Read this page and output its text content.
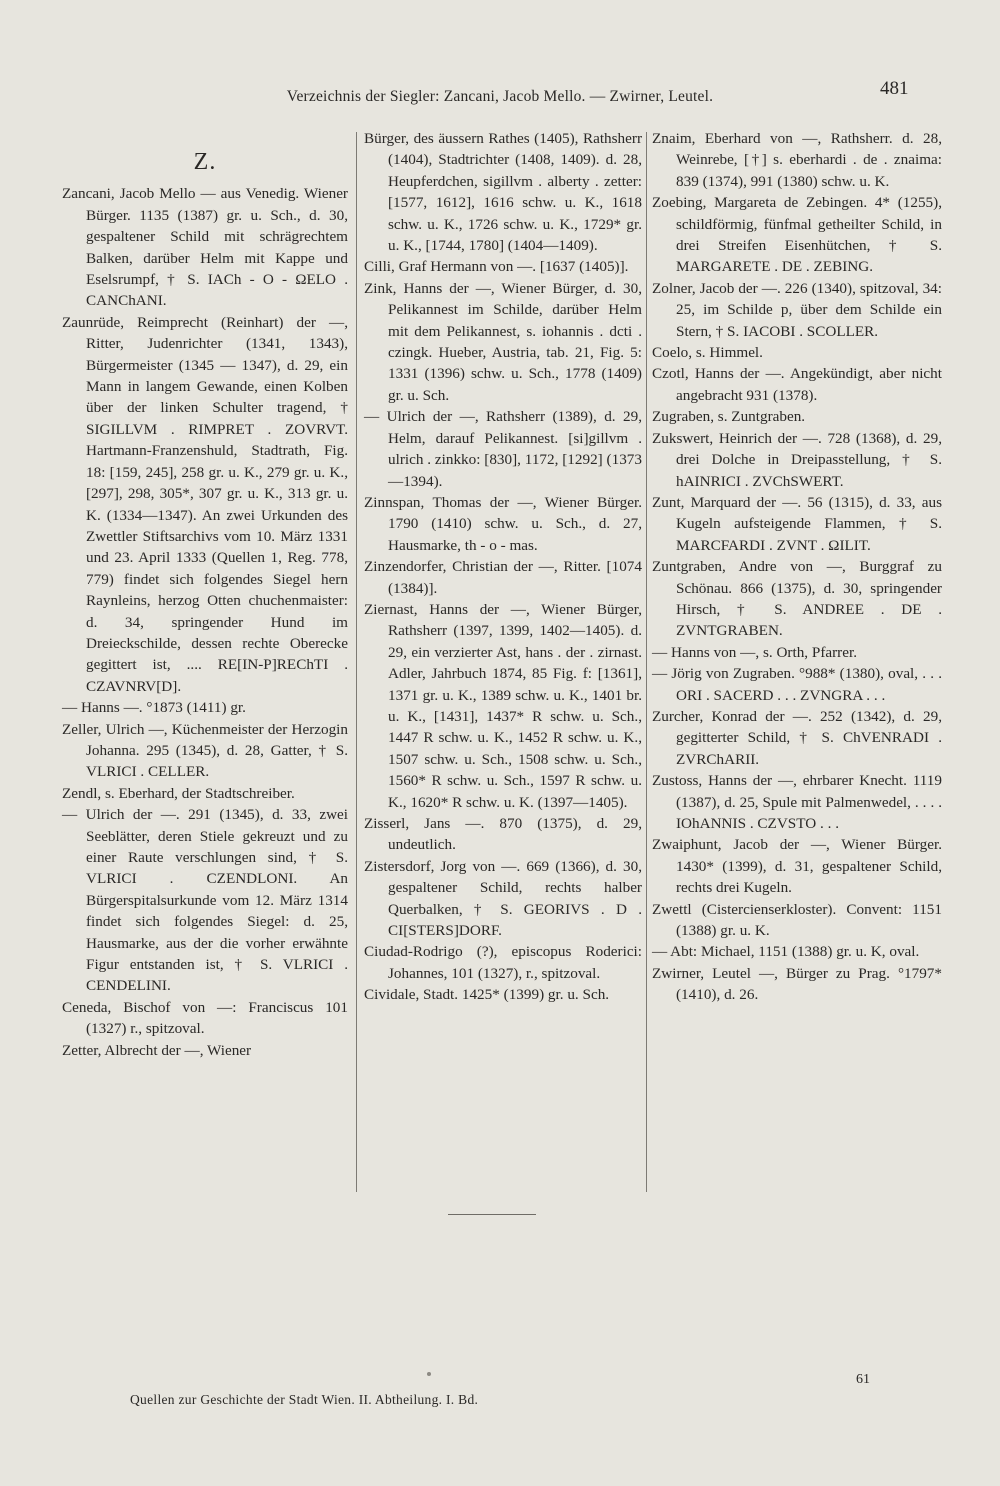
Verzeichnis der Siegler: Zancani, Jacob Mello. — Zwirner, Leutel.	481
Z.

Zancani, Jacob Mello — aus Venedig. Wiener Bürger. 1135 (1387) gr. u. Sch., d. 30, gespaltener Schild mit schrägrechtem Balken, darüber Helm mit Kappe und Eselsrumpf, † S. IACh - O - ΩELO . CANChANI.

Zaunrüde, Reimprecht (Reinhart) der —, Ritter, Judenrichter (1341, 1343), Bürgermeister (1345 — 1347), d. 29, ein Mann in langem Gewande, einen Kolben über der linken Schulter tragend, † SIGILLVM . RIMPRET . ZOVRVT. Hartmann-Franzenshuld, Stadtrath, Fig. 18: [159, 245], 258 gr. u. K., 279 gr. u. K., [297], 298, 305*, 307 gr. u. K., 313 gr. u. K. (1334—1347). An zwei Urkunden des Zwettler Stiftsarchivs vom 10. März 1331 und 23. April 1333 (Quellen 1, Reg. 778, 779) findet sich folgendes Siegel hern Raynleins, herzog Otten chuchenmaister: d. 34, springender Hund im Dreieckschilde, dessen rechte Oberecke gegittert ist, .... RE[IN-P]REChTI . CZAVNRV[D].

— Hanns —. °1873 (1411) gr.

Zeller, Ulrich —, Küchenmeister der Herzogin Johanna. 295 (1345), d. 28, Gatter, † S. VLRICI . CELLER.

Zendl, s. Eberhard, der Stadtschreiber.

— Ulrich der —. 291 (1345), d. 33, zwei Seeblätter, deren Stiele gekreuzt und zu einer Raute verschlungen sind, † S. VLRICI . CZENDLONI. An Bürgerspitalsurkunde vom 12. März 1314 findet sich folgendes Siegel: d. 25, Hausmarke, aus der die vorher erwähnte Figur entstanden ist, † S. VLRICI . CENDELINI.

Ceneda, Bischof von —: Franciscus 101 (1327) r., spitzoval.

Zetter, Albrecht der —, Wiener

Bürger, des äussern Rathes (1405), Rathsherr (1404), Stadtrichter (1408, 1409). d. 28, Heupferdchen, sigillvm . alberty . zetter: [1577, 1612], 1616 schw. u. K., 1618 schw. u. K., 1726 schw. u. K., 1729* gr. u. K., [1744, 1780] (1404—1409).

Cilli, Graf Hermann von —. [1637 (1405)].

Zink, Hanns der —, Wiener Bürger, d. 30, Pelikannest im Schilde, darüber Helm mit dem Pelikannest, s. iohannis . dcti . czingk. Hueber, Austria, tab. 21, Fig. 5: 1331 (1396) schw. u. Sch., 1778 (1409) gr. u. Sch.

— Ulrich der —, Rathsherr (1389), d. 29, Helm, darauf Pelikannest. [si]gillvm . ulrich . zinkko: [830], 1172, [1292] (1373—1394).

Zinnspan, Thomas der —, Wiener Bürger. 1790 (1410) schw. u. Sch., d. 27, Hausmarke, th - o - mas.

Zinzendorfer, Christian der —, Ritter. [1074 (1384)].

Ziernast, Hanns der —, Wiener Bürger, Rathsherr (1397, 1399, 1402—1405). d. 29, ein verzierter Ast, hans . der . zirnast. Adler, Jahrbuch 1874, 85 Fig. f: [1361], 1371 gr. u. K., 1389 schw. u. K., 1401 br. u. K., [1431], 1437* R schw. u. Sch., 1447 R schw. u. K., 1452 R schw. u. K., 1507 schw. u. Sch., 1508 schw. u. Sch., 1560* R schw. u. Sch., 1597 R schw. u. K., 1620* R schw. u. K. (1397—1405).

Zisserl, Jans —. 870 (1375), d. 29, undeutlich.

Zistersdorf, Jorg von —. 669 (1366), d. 30, gespaltener Schild, rechts halber Querbalken, † S. GEORIVS . D . CI[STERS]DORF.

Ciudad-Rodrigo (?), episcopus Roderici: Johannes, 101 (1327), r., spitzoval.

Cividale, Stadt. 1425* (1399) gr. u. Sch.

Znaim, Eberhard von —, Rathsherr. d. 28, Weinrebe, [†] s. eberhardi . de . znaima: 839 (1374), 991 (1380) schw. u. K.

Zoebing, Margareta de Zebingen. 4* (1255), schildförmig, fünfmal getheilter Schild, in drei Streifen Eisenhütchen, † S. MARGARETE . DE . ZEBING.

Zolner, Jacob der —. 226 (1340), spitzoval, 34: 25, im Schilde p, über dem Schilde ein Stern, † S. IACOBI . SCOLLER.

Coelo, s. Himmel.

Czotl, Hanns der —. Angekündigt, aber nicht angebracht 931 (1378).

Zugraben, s. Zuntgraben.

Zukswert, Heinrich der —. 728 (1368), d. 29, drei Dolche in Dreipasstellung, † S. hAINRICI . ZVChSWERT.

Zunt, Marquard der —. 56 (1315), d. 33, aus Kugeln aufsteigende Flammen, † S. MARCFARDI . ZVNT . ΩILIT.

Zuntgraben, Andre von —, Burggraf zu Schönau. 866 (1375), d. 30, springender Hirsch, † S. ANDREE . DE . ZVNTGRABEN.

— Hanns von —, s. Orth, Pfarrer.

— Jörig von Zugraben. °988* (1380), oval, . . . ORI . SACERD . . . ZVNGRA . . .

Zurcher, Konrad der —. 252 (1342), d. 29, gegitterter Schild, † S. ChVENRADI . ZVRChARII.

Zustoss, Hanns der —, ehrbarer Knecht. 1119 (1387), d. 25, Spule mit Palmenwedel, . . . . IOhANNIS . CZVSTO . . .

Zwaiphunt, Jacob der —, Wiener Bürger. 1430* (1399), d. 31, gespaltener Schild, rechts drei Kugeln.

Zwettl (Cistercienserkloster). Convent: 1151 (1388) gr. u. K.

— Abt: Michael, 1151 (1388) gr. u. K, oval.

Zwirner, Leutel —, Bürger zu Prag. °1797* (1410), d. 26.

Quellen zur Geschichte der Stadt Wien. II. Abtheilung. I. Bd.
61
